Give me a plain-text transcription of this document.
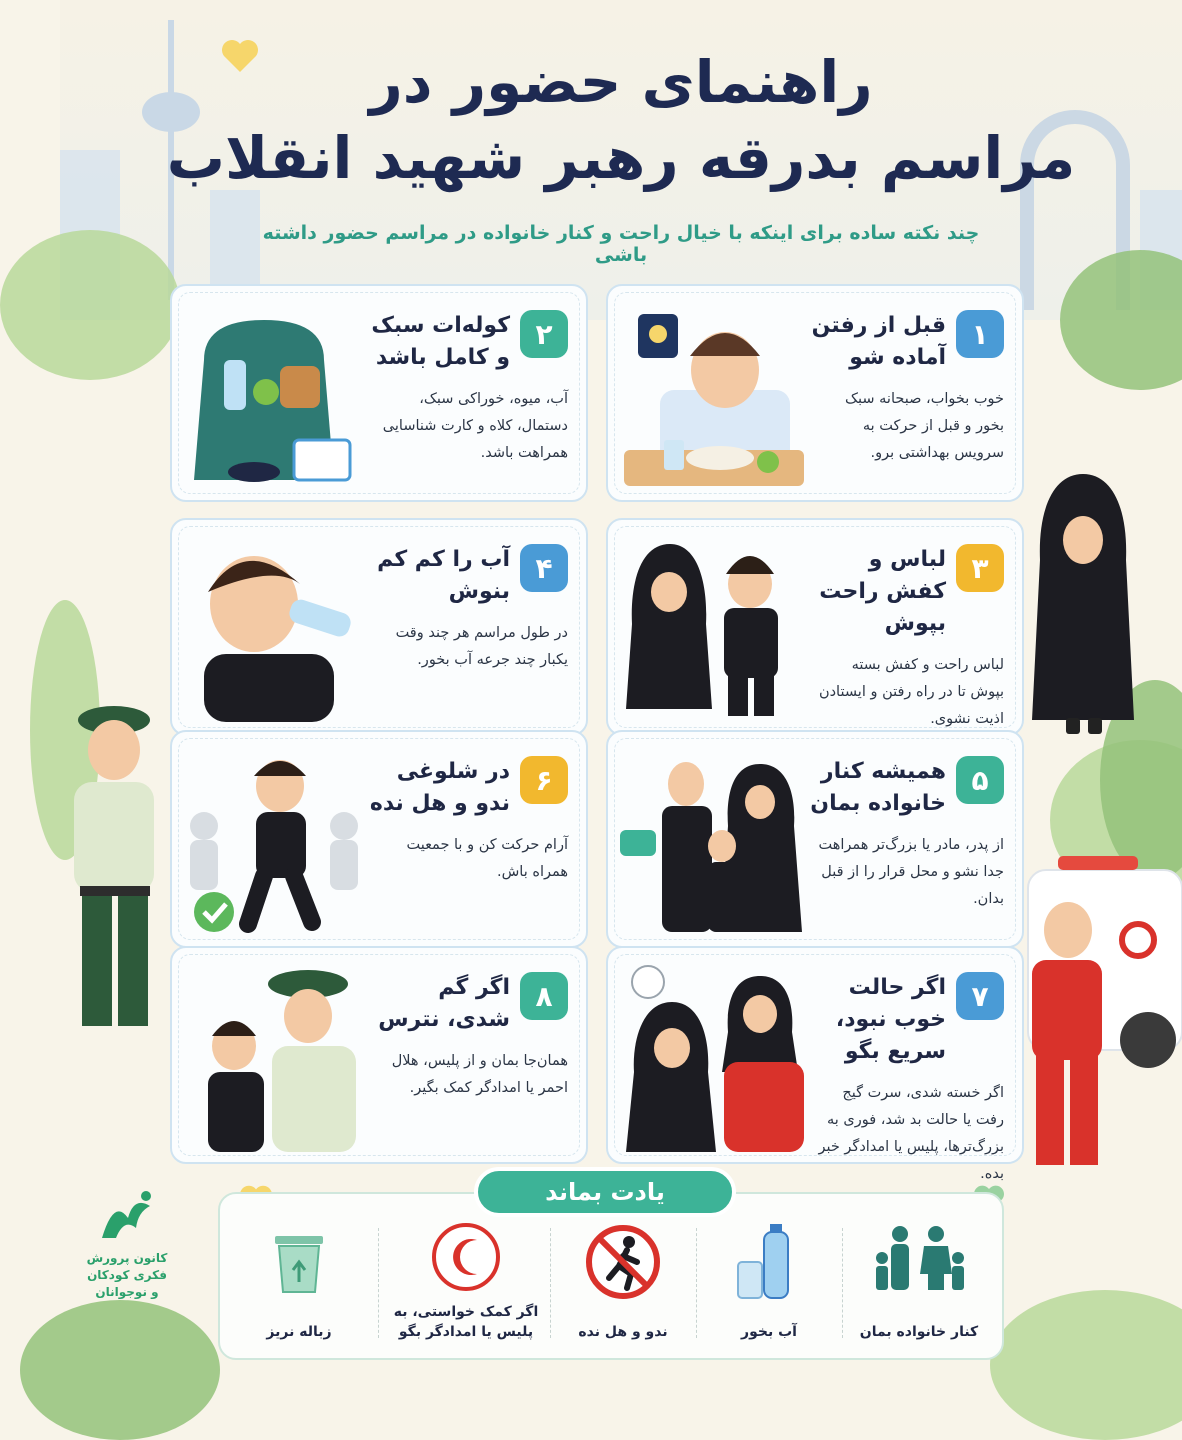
راهنمای حضور در
مراسم بدرقه رهبر شهید انقلاب
چند نکته ساده برای اینکه با خیال راحت و کنار خانواده در مراسم حضور داشته باشی
۱
قبل از رفتن آماده شو

خوب بخواب، صبحانه سبک بخور و قبل از حرکت به سرویس بهداشتی برو.

۲
کوله‌ات سبک و کامل باشد

آب، میوه، خوراکی سبک، دستمال، کلاه و کارت شناسایی همراهت باشد.

۳
لباس و کفش راحت بپوش

لباس راحت و کفش بسته بپوش تا در راه رفتن و ایستادن اذیت نشوی.

۴
آب را کم کم بنوش

در طول مراسم هر چند وقت یکبار چند جرعه آب بخور.

۵
همیشه کنار خانواده بمان

از پدر، مادر یا بزرگ‌تر همراهت جدا نشو و محل قرار را از قبل بدان.

۶
در شلوغی ندو و هل نده

آرام حرکت کن و با جمعیت همراه باش.

۷
اگر حالت خوب نبود، سریع بگو

اگر خسته شدی، سرت گیج رفت یا حالت بد شد، فوری به بزرگ‌ترها، پلیس یا امدادگر خبر بده.

۸
اگر گم شدی، نترس

همان‌جا بمان و از پلیس، هلال احمر یا امدادگر کمک بگیر.

یادت بماند
کنار خانواده بمان
آب بخور
ندو و هل نده
اگر کمک خواستی، به پلیس یا امدادگر بگو
زباله نریز
کانون پرورش فکری کودکان و نوجوانان
